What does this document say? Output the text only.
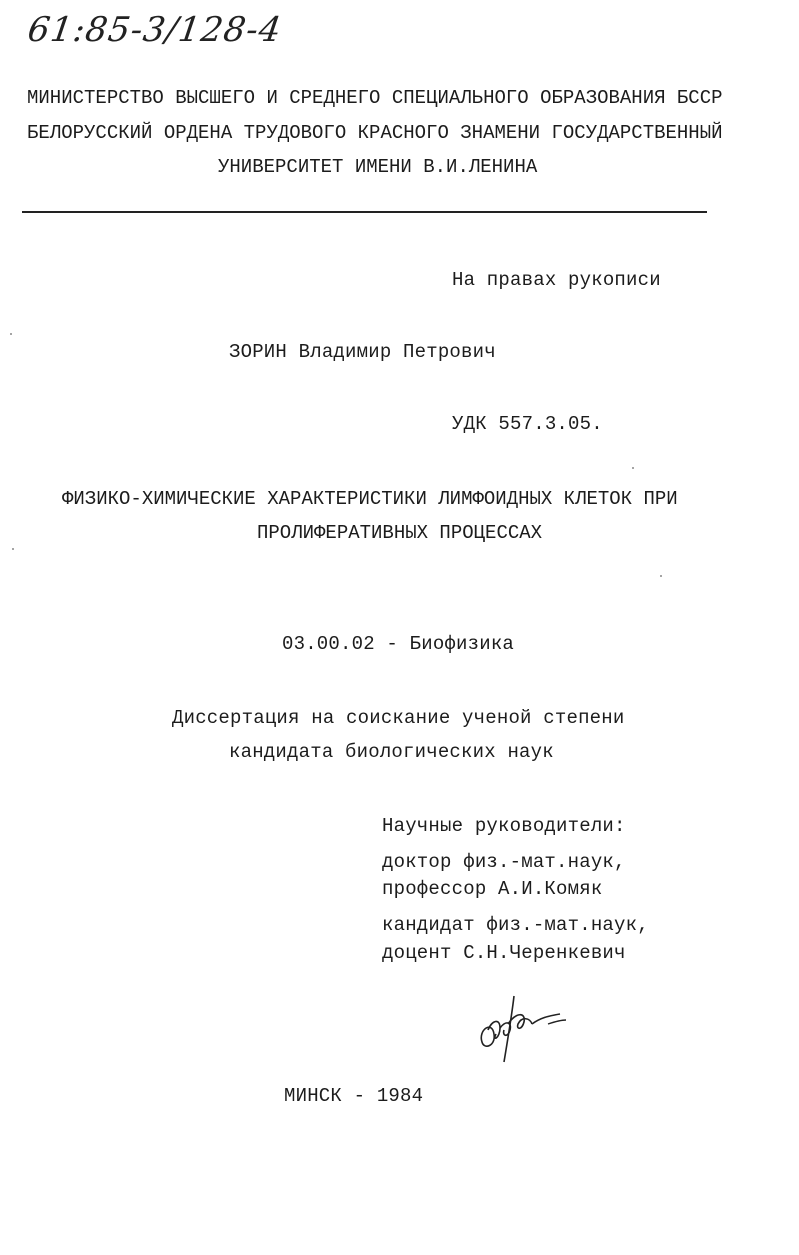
61:85-3/128-4
МИНИСТЕРСТВО ВЫСШЕГО И СРЕДНЕГО СПЕЦИАЛЬНОГО ОБРАЗОВАНИЯ БССР
БЕЛОРУССКИЙ ОРДЕНА ТРУДОВОГО КРАСНОГО ЗНАМЕНИ ГОСУДАРСТВЕННЫЙ
УНИВЕРСИТЕТ ИМЕНИ В.И.ЛЕНИНА
На правах рукописи
ЗОРИН Владимир Петрович
УДК 557.3.05.
ФИЗИКО-ХИМИЧЕСКИЕ ХАРАКТЕРИСТИКИ ЛИМФОИДНЫХ КЛЕТОК ПРИ
ПРОЛИФЕРАТИВНЫХ ПРОЦЕССАХ
03.00.02 - Биофизика
Диссертация на соискание ученой степени
кандидата биологических наук
Научные руководители:
доктор физ.-мат.наук,
профессор А.И.Комяк
кандидат физ.-мат.наук,
доцент С.Н.Черенкевич
МИНСК - 1984
